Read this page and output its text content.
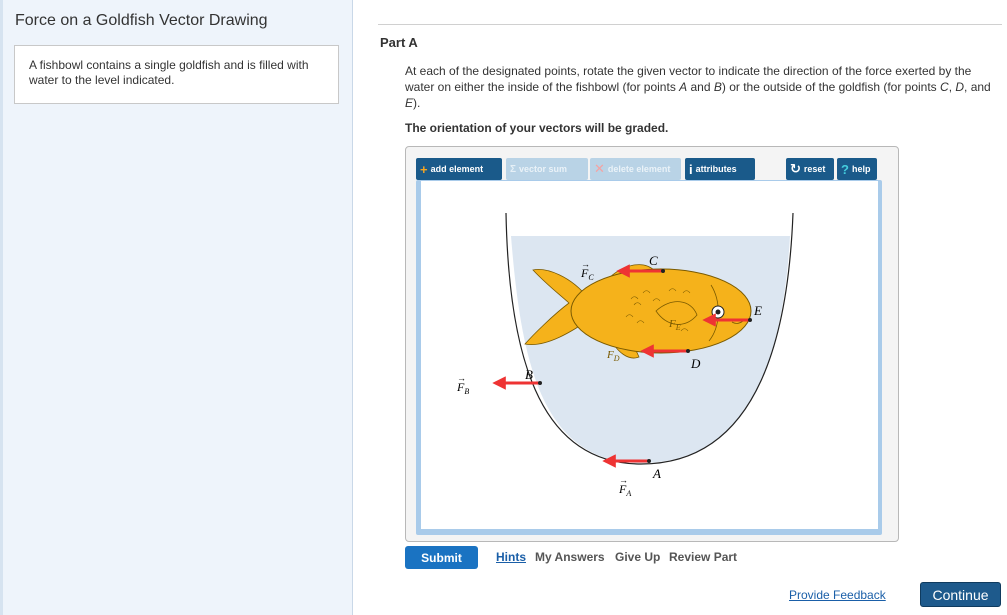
Force on a Goldfish Vector Drawing
A fishbowl contains a single goldfish and is filled with water to the level indicated.
Part A
At each of the designated points, rotate the given vector to indicate the direction of the force exerted by the water on either the inside of the fishbowl (for points A and B) or the outside of the goldfish (for points C, D, and E).
The orientation of your vectors will be graded.
A
$F_A$
→
B
$F_B$
→
C
$F_C$
→
D
$F_D$
E
$F_E$
+ add element	Σ vector sum ✕ delete element i attributes	↻ reset ? help
Submit	Hints My Answers Give Up Review Part
Provide Feedback	Continue
